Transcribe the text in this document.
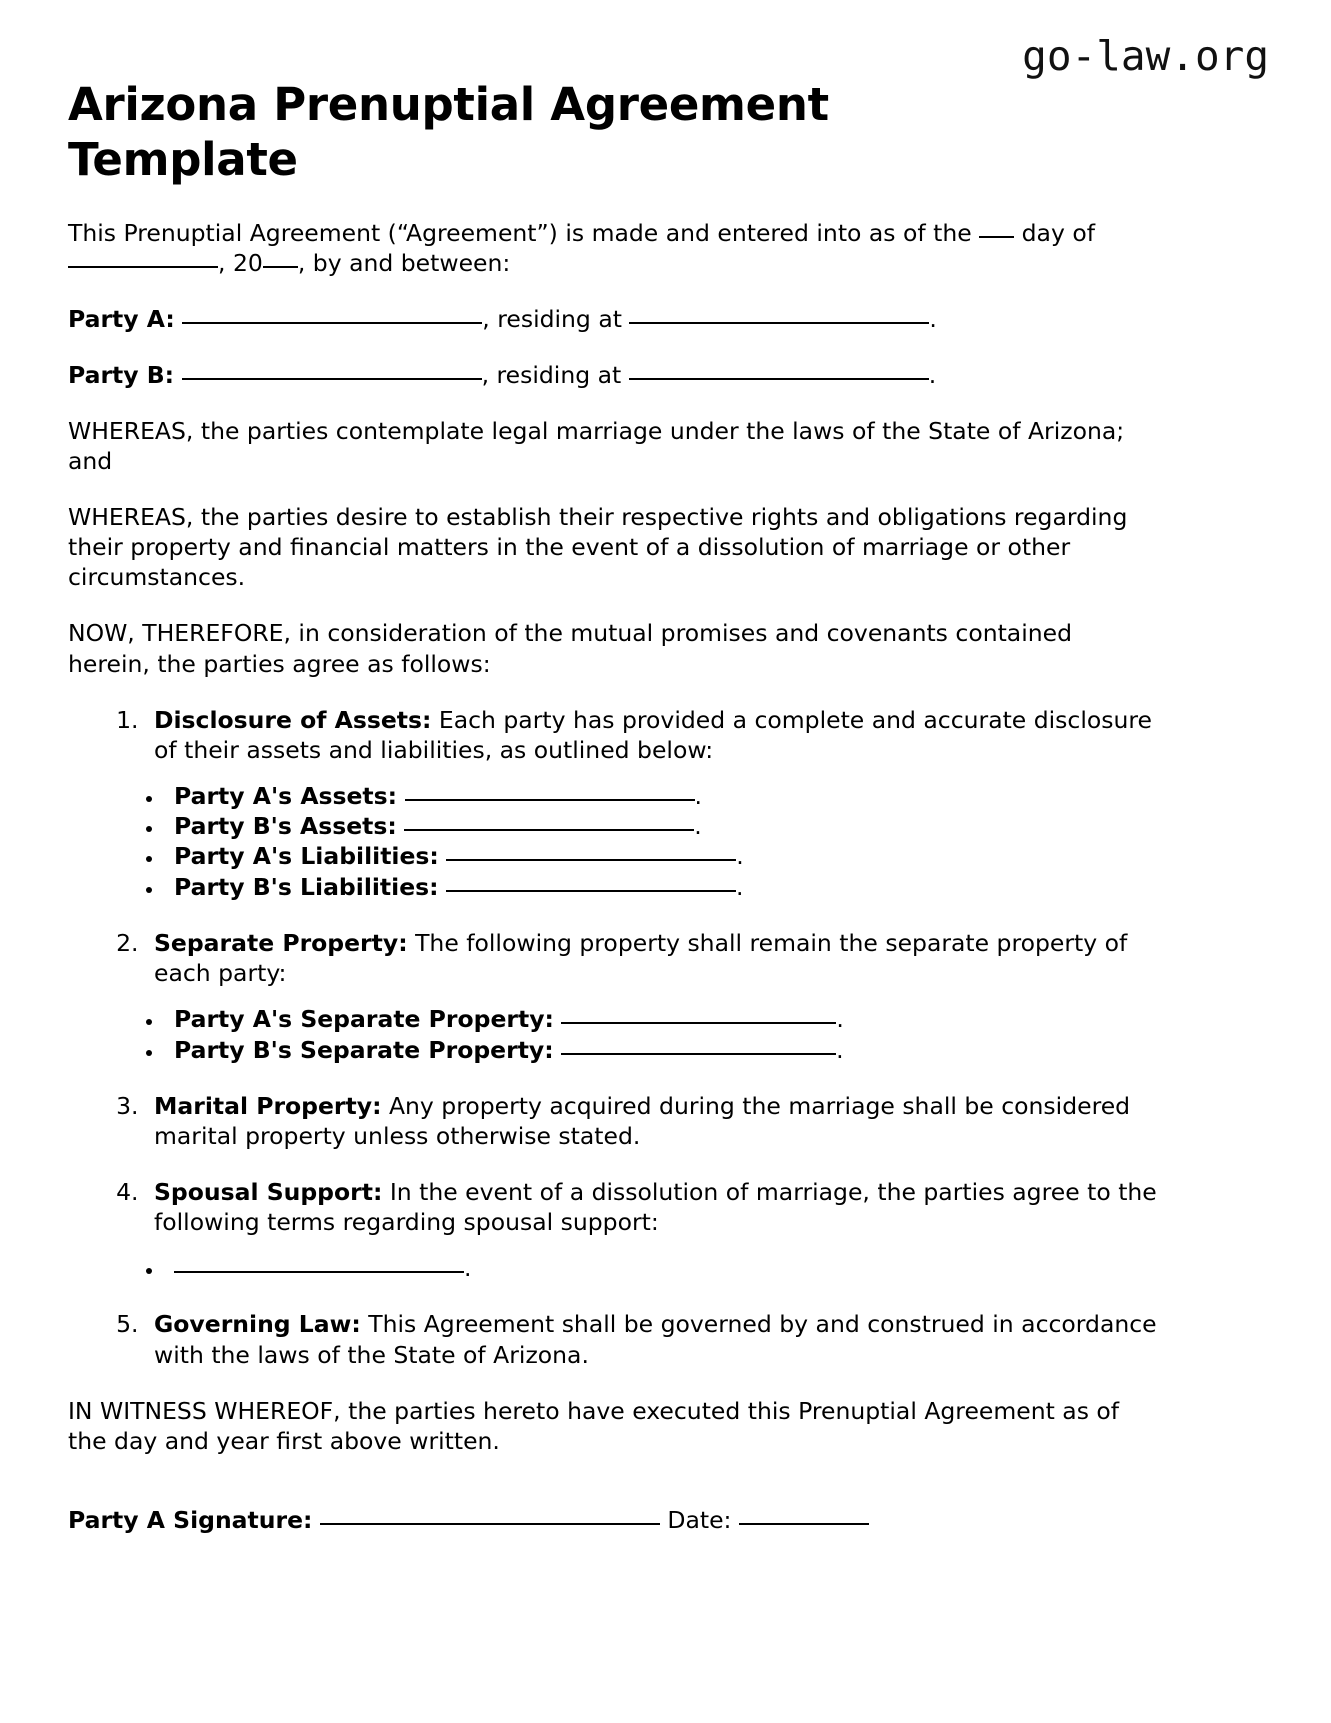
go-law.org
Arizona Prenuptial Agreement Template

This Prenuptial Agreement (“Agreement”) is made and entered into as of the  day of , 20 , by and between:

Party A:	, residing at	.

Party B:	, residing at	.

WHEREAS, the parties contemplate legal marriage under the laws of the State of Arizona; and

WHEREAS, the parties desire to establish their respective rights and obligations regarding their property and financial matters in the event of a dissolution of marriage or other circumstances.

NOW, THEREFORE, in consideration of the mutual promises and covenants contained herein, the parties agree as follows:

1. Disclosure of Assets: Each party has provided a complete and accurate disclosure of their assets and liabilities, as outlined below:
• Party A's Assets:	.
• Party B's Assets:	.
• Party A's Liabilities:	.
• Party B's Liabilities:	.
2. Separate Property: The following property shall remain the separate property of each party:
• Party A's Separate Property:	.
• Party B's Separate Property:	.
3. Marital Property: Any property acquired during the marriage shall be considered marital property unless otherwise stated.
4. Spousal Support: In the event of a dissolution of marriage, the parties agree to the following terms regarding spousal support:
• .
5. Governing Law: This Agreement shall be governed by and construed in accordance with the laws of the State of Arizona.

IN WITNESS WHEREOF, the parties hereto have executed this Prenuptial Agreement as of the day and year first above written.

Party A Signature:	Date:
